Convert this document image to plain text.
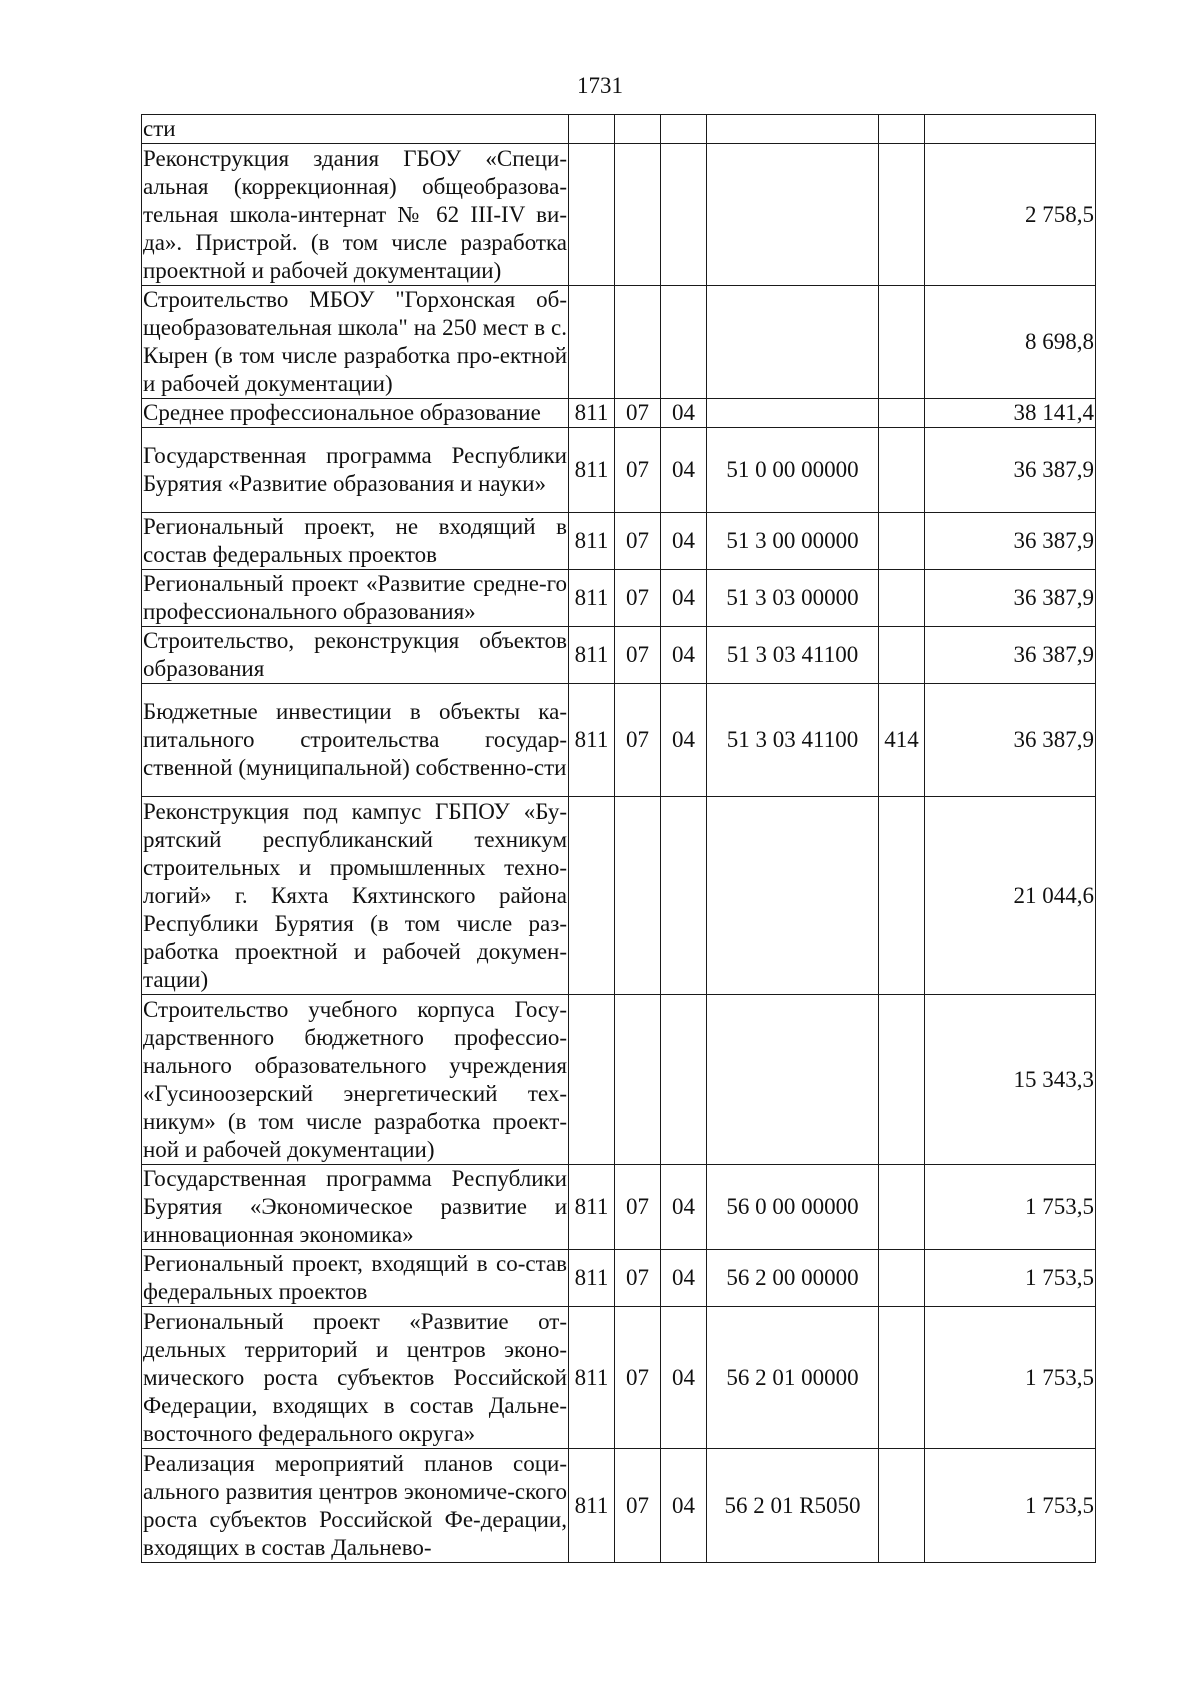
1731
сти						
Реконструкция здания ГБОУ «Специ-альная (коррекционная) общеобразова-тельная школа-интернат № 62 III-IV ви-да». Пристрой. (в том числе разработка проектной и рабочей документации)						2 758,5
Строительство МБОУ "Горхонская об-щеобразовательная школа" на 250 мест в с. Кырен (в том числе разработка про-ектной и рабочей документации)						8 698,8
Среднее профессиональное образование	811	07	04			38 141,4
Государственная программа Республики Бурятия «Развитие образования и науки»	811	07	04	51 0 00 00000		36 387,9
Региональный проект, не входящий в состав федеральных проектов	811	07	04	51 3 00 00000		36 387,9
Региональный проект «Развитие средне-го профессионального образования»	811	07	04	51 3 03 00000		36 387,9
Строительство, реконструкция объектов образования	811	07	04	51 3 03 41100		36 387,9
Бюджетные инвестиции в объекты ка-питального строительства государ-ственной (муниципальной) собственно-сти	811	07	04	51 3 03 41100	414	36 387,9
Реконструкция под кампус ГБПОУ «Бу-рятский республиканский техникум строительных и промышленных техно-логий» г. Кяхта Кяхтинского района Республики Бурятия (в том числе раз-работка проектной и рабочей докумен-тации)						21 044,6
Строительство учебного корпуса Госу-дарственного бюджетного профессио-нального образовательного учреждения «Гусиноозерский энергетический тех-никум» (в том числе разработка проект-ной и рабочей документации)						15 343,3
Государственная программа Республики Бурятия «Экономическое развитие и инновационная экономика»	811	07	04	56 0 00 00000		1 753,5
Региональный проект, входящий в со-став федеральных проектов	811	07	04	56 2 00 00000		1 753,5
Региональный проект «Развитие от-дельных территорий и центров эконо-мического роста субъектов Российской Федерации, входящих в состав Дальне-восточного федерального округа»	811	07	04	56 2 01 00000		1 753,5
Реализация мероприятий планов соци-ального развития центров экономиче-ского роста субъектов Российской Фе-дерации, входящих в состав Дальнево-	811	07	04	56 2 01 R5050		1 753,5
